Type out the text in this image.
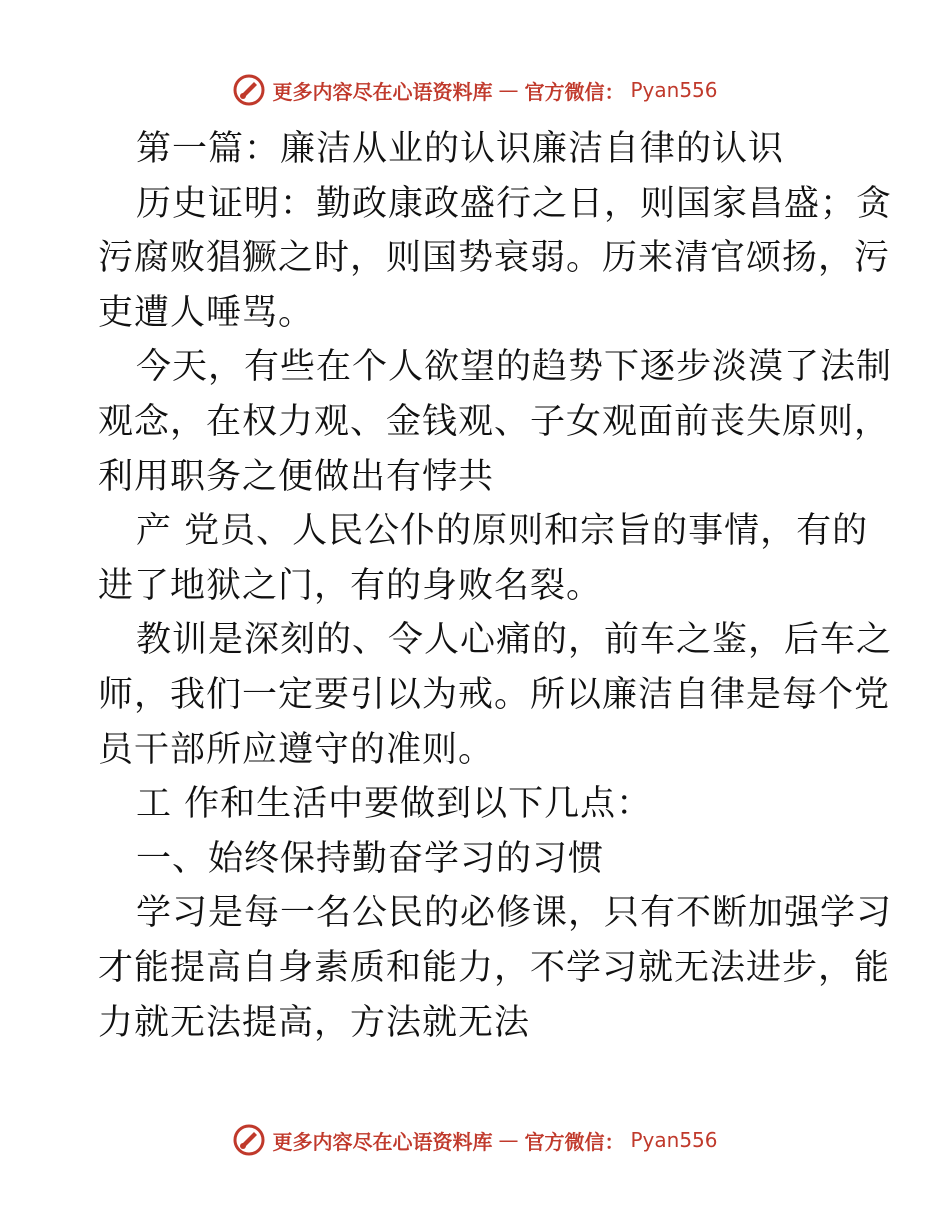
更多内容尽在心语资料库 — 官方微信： Pyan556
第一篇：廉洁从业的认识廉洁自律的认识
历史证明：勤政康政盛行之日，则国家昌盛；贪
污腐败猖獗之时，则国势衰弱。历来清官颂扬，污
吏遭人唾骂。
今天，有些在个人欲望的趋势下逐步淡漠了法制
观念，在权力观、金钱观、子女观面前丧失原则，
利用职务之便做出有悖共
产 党员、人民公仆的原则和宗旨的事情，有的
进了地狱之门，有的身败名裂。
教训是深刻的、令人心痛的，前车之鉴，后车之
师，我们一定要引以为戒。所以廉洁自律是每个党
员干部所应遵守的准则。
工 作和生活中要做到以下几点：
一、始终保持勤奋学习的习惯
学习是每一名公民的必修课，只有不断加强学习
才能提高自身素质和能力，不学习就无法进步，能
力就无法提高，方法就无法
更多内容尽在心语资料库 — 官方微信： Pyan556
